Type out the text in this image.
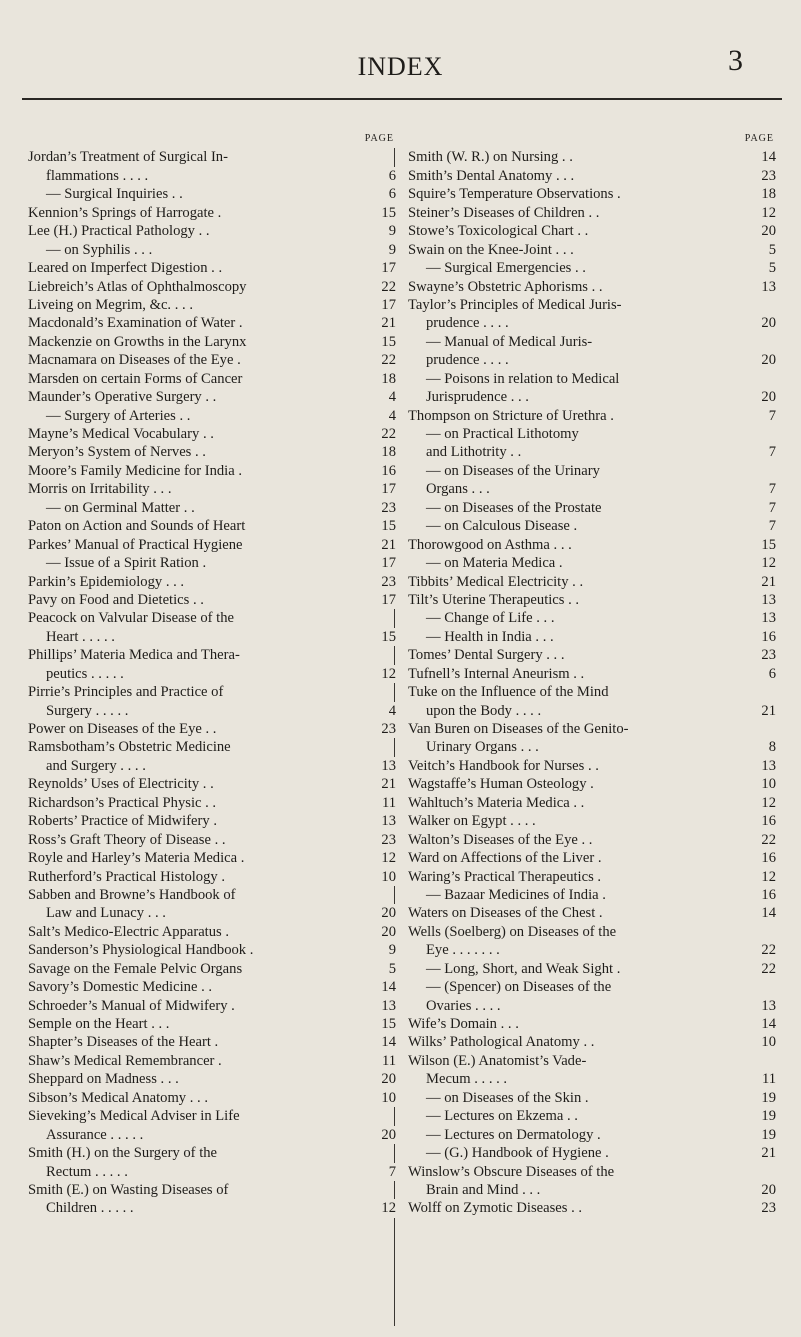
INDEX	3
PAGE
Jordan’s Treatment of Surgical In-
flammations . . . .	6
— Surgical Inquiries . .	6
Kennion’s Springs of Harrogate .	15
Lee (H.) Practical Pathology . .	9
— on Syphilis . . .	9
Leared on Imperfect Digestion . .	17
Liebreich’s Atlas of Ophthalmoscopy	22
Liveing on Megrim, &c. . . .	17
Macdonald’s Examination of Water .	21
Mackenzie on Growths in the Larynx	15
Macnamara on Diseases of the Eye .	22
Marsden on certain Forms of Cancer	18
Maunder’s Operative Surgery . .	4
— Surgery of Arteries . .	4
Mayne’s Medical Vocabulary . .	22
Meryon’s System of Nerves . .	18
Moore’s Family Medicine for India .	16
Morris on Irritability . . .	17
— on Germinal Matter . .	23
Paton on Action and Sounds of Heart	15
Parkes’ Manual of Practical Hygiene	21
— Issue of a Spirit Ration .	17
Parkin’s Epidemiology . . .	23
Pavy on Food and Dietetics . .	17
Peacock on Valvular Disease of the
Heart . . . . .	15
Phillips’ Materia Medica and Thera-
peutics . . . . .	12
Pirrie’s Principles and Practice of
Surgery . . . . .	4
Power on Diseases of the Eye . .	23
Ramsbotham’s Obstetric Medicine
and Surgery . . . .	13
Reynolds’ Uses of Electricity . .	21
Richardson’s Practical Physic . .	11
Roberts’ Practice of Midwifery .	13
Ross’s Graft Theory of Disease . .	23
Royle and Harley’s Materia Medica .	12
Rutherford’s Practical Histology .	10
Sabben and Browne’s Handbook of
Law and Lunacy . . .	20
Salt’s Medico-Electric Apparatus .	20
Sanderson’s Physiological Handbook .	9
Savage on the Female Pelvic Organs	5
Savory’s Domestic Medicine . .	14
Schroeder’s Manual of Midwifery .	13
Semple on the Heart . . .	15
Shapter’s Diseases of the Heart .	14
Shaw’s Medical Remembrancer .	11
Sheppard on Madness . . .	20
Sibson’s Medical Anatomy . . .	10
Sieveking’s Medical Adviser in Life
Assurance . . . . .	20
Smith (H.) on the Surgery of the
Rectum . . . . .	7
Smith (E.) on Wasting Diseases of
Children . . . . .	12
PAGE
Smith (W. R.) on Nursing . .	14
Smith’s Dental Anatomy . . .	23
Squire’s Temperature Observations .	18
Steiner’s Diseases of Children . .	12
Stowe’s Toxicological Chart . .	20
Swain on the Knee-Joint . . .	5
— Surgical Emergencies . .	5
Swayne’s Obstetric Aphorisms . .	13
Taylor’s Principles of Medical Juris-
prudence . . . .	20
— Manual of Medical Juris-
prudence . . . .	20
— Poisons in relation to Medical
Jurisprudence . . .	20
Thompson on Stricture of Urethra .	7
— on Practical Lithotomy
and Lithotrity . .	7
— on Diseases of the Urinary
Organs . . .	7
— on Diseases of the Prostate	7
— on Calculous Disease .	7
Thorowgood on Asthma . . .	15
— on Materia Medica .	12
Tibbits’ Medical Electricity . .	21
Tilt’s Uterine Therapeutics . .	13
— Change of Life . . .	13
— Health in India . . .	16
Tomes’ Dental Surgery . . .	23
Tufnell’s Internal Aneurism . .	6
Tuke on the Influence of the Mind
upon the Body . . . .	21
Van Buren on Diseases of the Genito-
Urinary Organs . . .	8
Veitch’s Handbook for Nurses . .	13
Wagstaffe’s Human Osteology .	10
Wahltuch’s Materia Medica . .	12
Walker on Egypt . . . .	16
Walton’s Diseases of the Eye . .	22
Ward on Affections of the Liver .	16
Waring’s Practical Therapeutics .	12
— Bazaar Medicines of India .	16
Waters on Diseases of the Chest .	14
Wells (Soelberg) on Diseases of the
Eye . . . . . . .	22
— Long, Short, and Weak Sight .	22
— (Spencer) on Diseases of the
Ovaries . . . .	13
Wife’s Domain . . .	14
Wilks’ Pathological Anatomy . .	10
Wilson (E.) Anatomist’s Vade-
Mecum . . . . .	11
— on Diseases of the Skin .	19
— Lectures on Ekzema . .	19
— Lectures on Dermatology .	19
— (G.) Handbook of Hygiene .	21
Winslow’s Obscure Diseases of the
Brain and Mind . . .	20
Wolff on Zymotic Diseases . .	23
